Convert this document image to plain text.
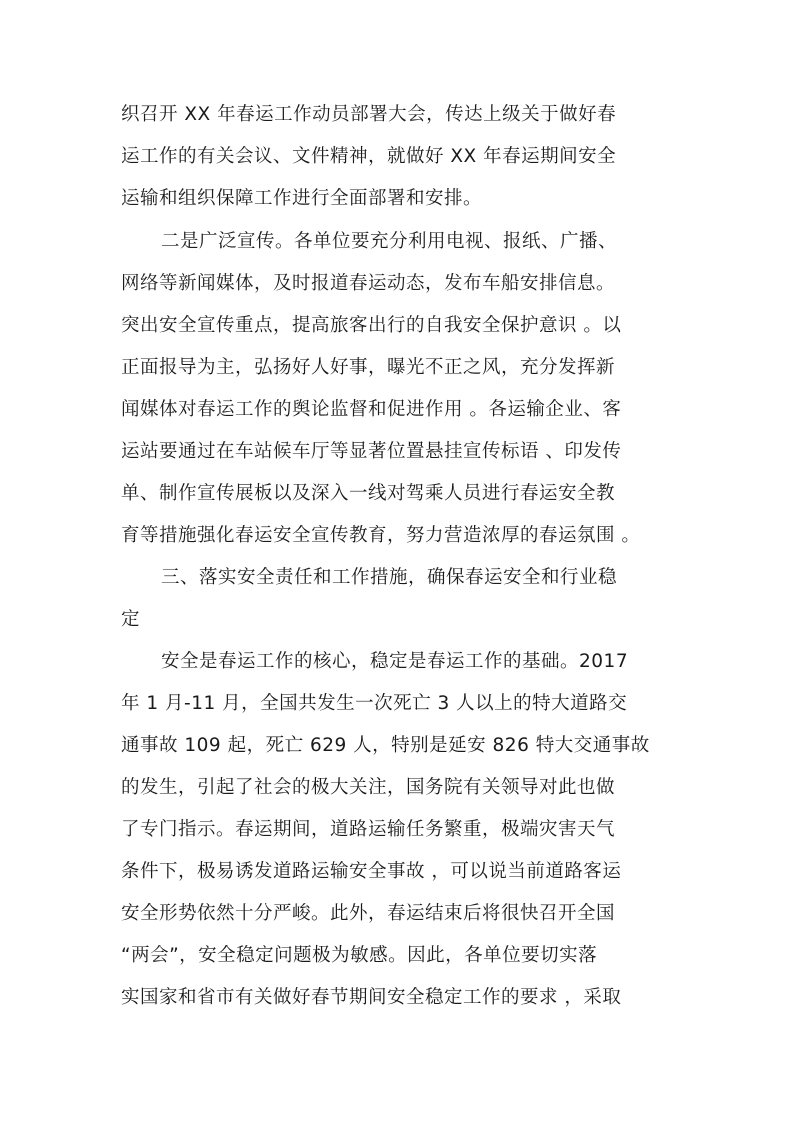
织召开 XX 年春运工作动员部署大会，传达上级关于做好春
运工作的有关会议、文件精神，就做好 XX 年春运期间安全
运输和组织保障工作进行全面部署和安排。
二是广泛宣传。各单位要充分利用电视、报纸、广播、
网络等新闻媒体，及时报道春运动态，发布车船安排信息。
突出安全宣传重点，提高旅客出行的自我安全保护意识 。以
正面报导为主，弘扬好人好事，曝光不正之风，充分发挥新
闻媒体对春运工作的舆论监督和促进作用 。各运输企业、客
运站要通过在车站候车厅等显著位置悬挂宣传标语 、印发传
单、制作宣传展板以及深入一线对驾乘人员进行春运安全教
育等措施强化春运安全宣传教育，努力营造浓厚的春运氛围 。
三、落实安全责任和工作措施，确保春运安全和行业稳
定
安全是春运工作的核心，稳定是春运工作的基础。2017
年 1 月-11 月，全国共发生一次死亡 3 人以上的特大道路交
通事故 109 起，死亡 629 人，特别是延安 826 特大交通事故
的发生，引起了社会的极大关注，国务院有关领导对此也做
了专门指示。春运期间，道路运输任务繁重，极端灾害天气
条件下，极易诱发道路运输安全事故 ，可以说当前道路客运
安全形势依然十分严峻。此外，春运结束后将很快召开全国
“两会”，安全稳定问题极为敏感。因此，各单位要切实落
实国家和省市有关做好春节期间安全稳定工作的要求 ，采取
